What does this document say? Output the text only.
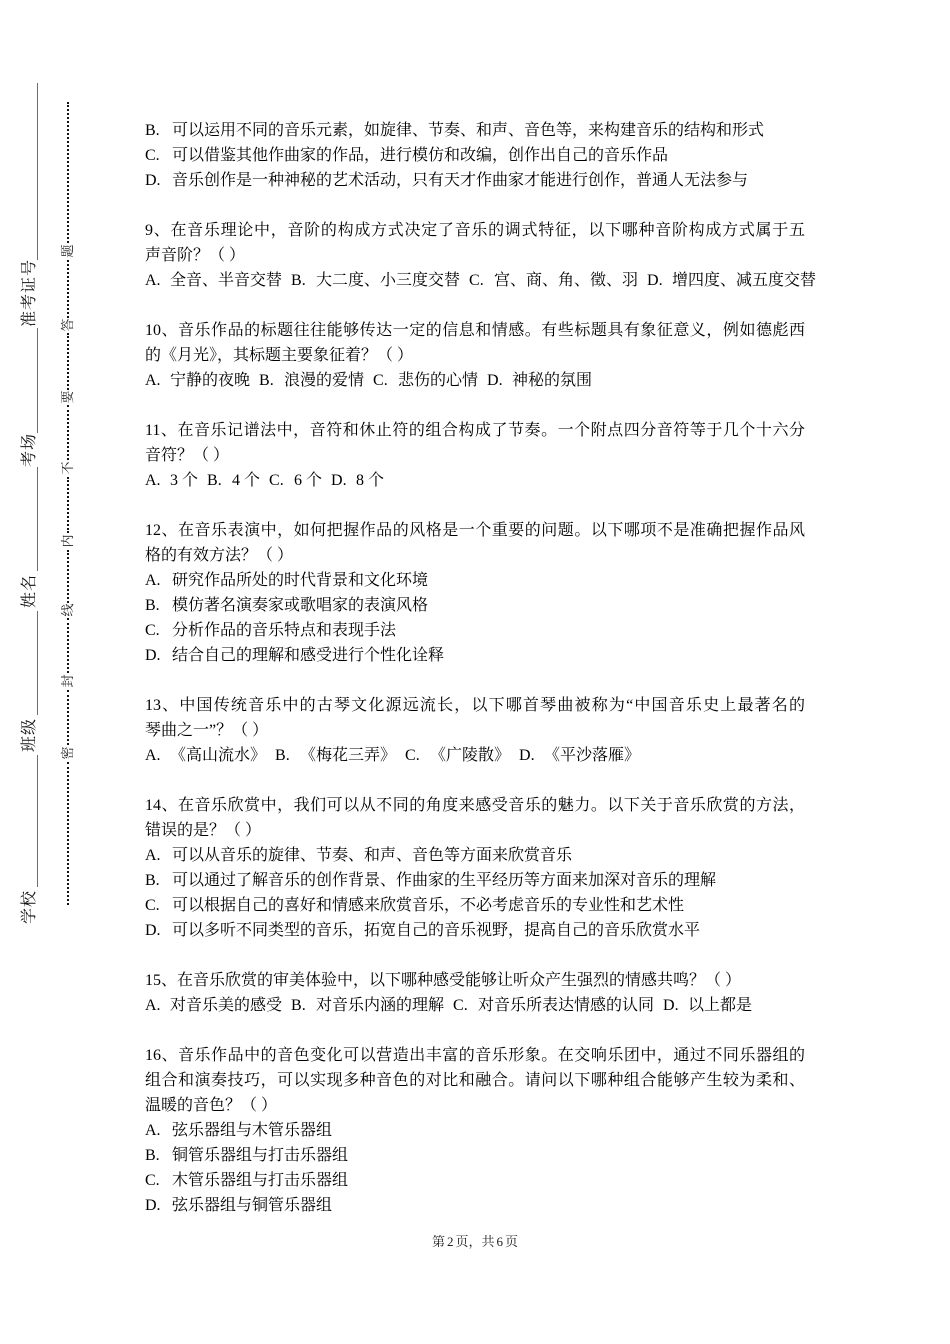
准考证号
考场
姓名
班级
学校
题
答
要
不
内
线
封
密
B. 可以运用不同的音乐元素，如旋律、节奏、和声、音色等，来构建音乐的结构和形式
C. 可以借鉴其他作曲家的作品，进行模仿和改编，创作出自己的音乐作品
D. 音乐创作是一种神秘的艺术活动，只有天才作曲家才能进行创作，普通人无法参与
9、在音乐理论中，音阶的构成方式决定了音乐的调式特征，以下哪种音阶构成方式属于五
声音阶？（ ）
A. 全音、半音交替 B. 大二度、小三度交替 C. 宫、商、角、徵、羽 D. 增四度、减五度交替
10、音乐作品的标题往往能够传达一定的信息和情感。有些标题具有象征意义，例如德彪西
的《月光》，其标题主要象征着？（ ）
A. 宁静的夜晚 B. 浪漫的爱情 C. 悲伤的心情 D. 神秘的氛围
11、在音乐记谱法中，音符和休止符的组合构成了节奏。一个附点四分音符等于几个十六分
音符？（ ）
A. 3 个 B. 4 个 C. 6 个 D. 8 个
12、在音乐表演中，如何把握作品的风格是一个重要的问题。以下哪项不是准确把握作品风
格的有效方法？（ ）
A. 研究作品所处的时代背景和文化环境
B. 模仿著名演奏家或歌唱家的表演风格
C. 分析作品的音乐特点和表现手法
D. 结合自己的理解和感受进行个性化诠释
13、中国传统音乐中的古琴文化源远流长，以下哪首琴曲被称为“中国音乐史上最著名的
琴曲之一”？（ ）
A. 《高山流水》 B. 《梅花三弄》 C. 《广陵散》 D. 《平沙落雁》
14、在音乐欣赏中，我们可以从不同的角度来感受音乐的魅力。以下关于音乐欣赏的方法，
错误的是？（ ）
A. 可以从音乐的旋律、节奏、和声、音色等方面来欣赏音乐
B. 可以通过了解音乐的创作背景、作曲家的生平经历等方面来加深对音乐的理解
C. 可以根据自己的喜好和情感来欣赏音乐，不必考虑音乐的专业性和艺术性
D. 可以多听不同类型的音乐，拓宽自己的音乐视野，提高自己的音乐欣赏水平
15、在音乐欣赏的审美体验中，以下哪种感受能够让听众产生强烈的情感共鸣？（ ）
A. 对音乐美的感受 B. 对音乐内涵的理解 C. 对音乐所表达情感的认同 D. 以上都是
16、音乐作品中的音色变化可以营造出丰富的音乐形象。在交响乐团中，通过不同乐器组的
组合和演奏技巧，可以实现多种音色的对比和融合。请问以下哪种组合能够产生较为柔和、
温暖的音色？（ ）
A. 弦乐器组与木管乐器组
B. 铜管乐器组与打击乐器组
C. 木管乐器组与打击乐器组
D. 弦乐器组与铜管乐器组
第 2 页，共 6 页
